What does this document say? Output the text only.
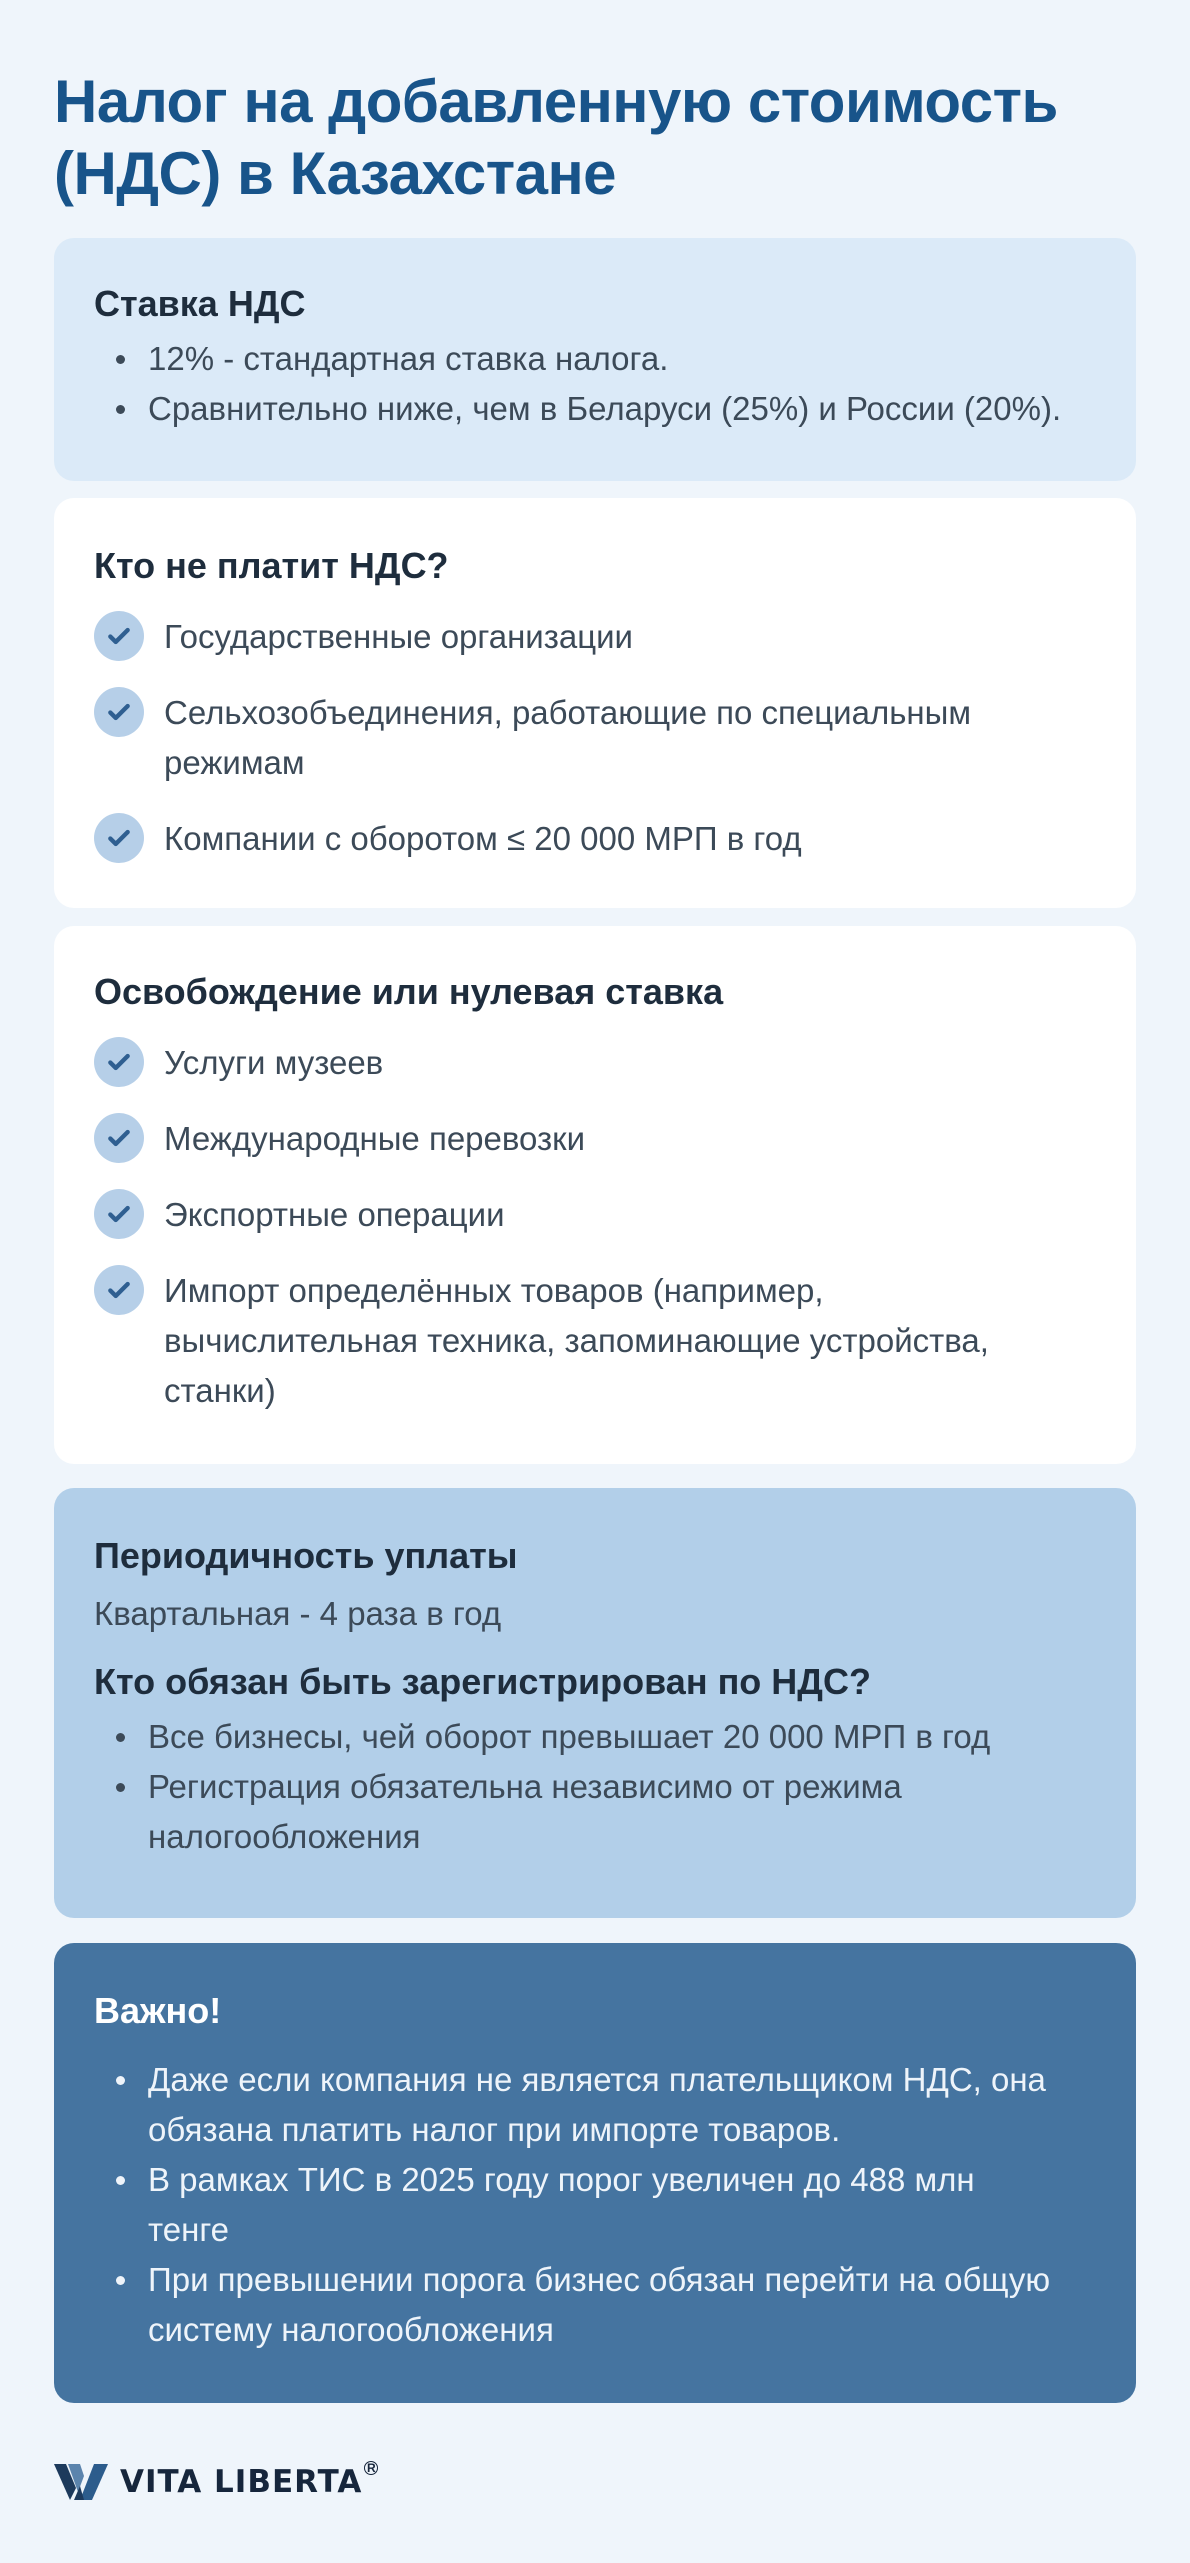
Налог на добавленную стоимость
(НДС) в Казахстане
Ставка НДС
12% - стандартная ставка налога.
Сравнительно ниже, чем в Беларуси (25%) и России (20%).
Кто не платит НДС?
Государственные организации
Сельхозобъединения, работающие по специальным режимам
Компании с оборотом ≤ 20 000 МРП в год
Освобождение или нулевая ставка
Услуги музеев
Международные перевозки
Экспортные операции
Импорт определённых товаров (например, вычислительная техника, запоминающие устройства, станки)
Периодичность уплаты

Квартальная - 4 раза в год

Кто обязан быть зарегистрирован по НДС?
Все бизнесы, чей оборот превышает 20 000 МРП в год
Регистрация обязательна независимо от режима налогообложения
Важно!
Даже если компания не является плательщиком НДС, она обязана платить налог при импорте товаров.
В рамках ТИС в 2025 году порог увеличен до 488 млн тенге
При превышении порога бизнес обязан перейти на общую систему налогообложения
VITA LIBERTA R
